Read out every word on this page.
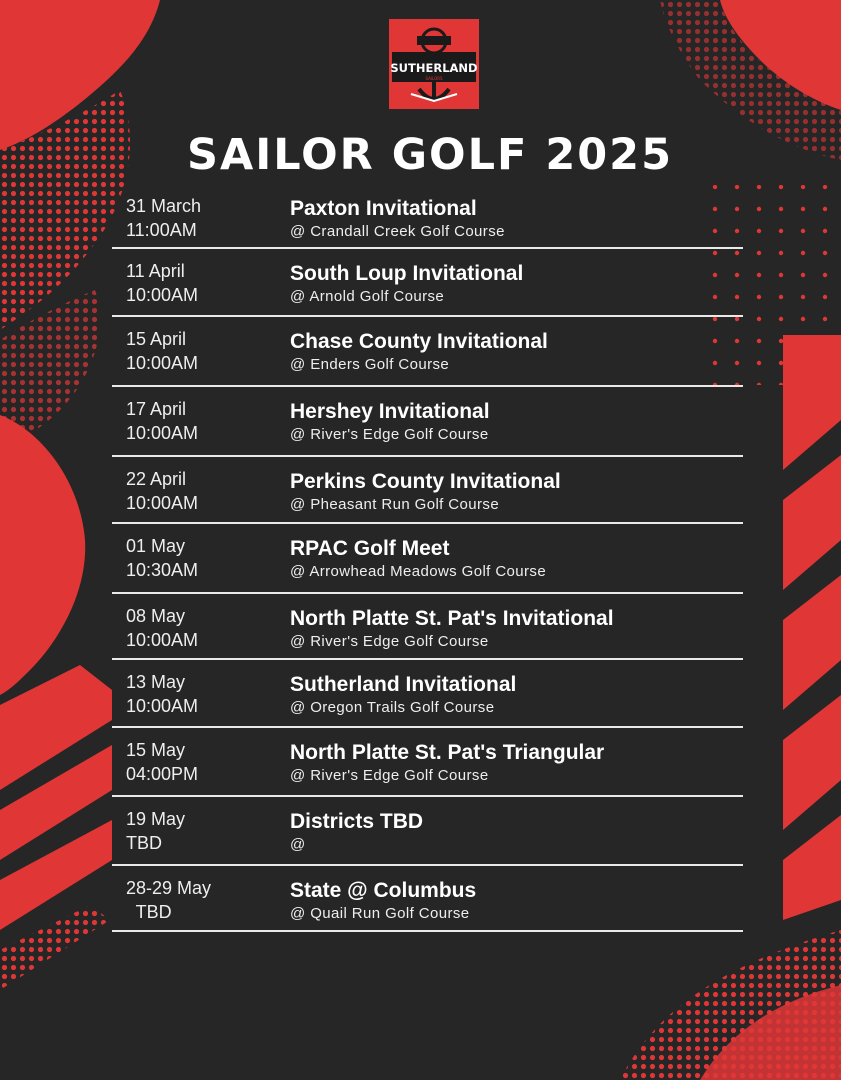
SUTHERLAND
SAILORS
SAILOR GOLF 2025
31 March
11:00AM
Paxton Invitational
@ Crandall Creek Golf Course
11 April
10:00AM
South Loup Invitational
@ Arnold Golf Course
15 April
10:00AM
Chase County Invitational
@ Enders Golf Course
17 April
10:00AM
Hershey Invitational
@ River's Edge Golf Course
22 April
10:00AM
Perkins County Invitational
@ Pheasant Run Golf Course
01 May
10:30AM
RPAC Golf Meet
@ Arrowhead Meadows Golf Course
08 May
10:00AM
North Platte St. Pat's Invitational
@ River's Edge Golf Course
13 May
10:00AM
Sutherland Invitational
@ Oregon Trails Golf Course
15 May
04:00PM
North Platte St. Pat's Triangular
@ River's Edge Golf Course
19 May
TBD
Districts TBD
@
28-29 May
TBD
State @ Columbus
@ Quail Run Golf Course
